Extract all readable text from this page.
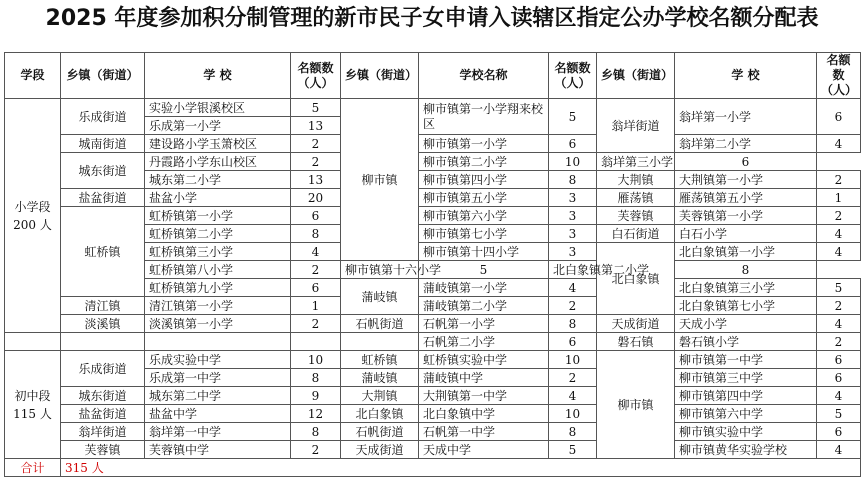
2025 年度参加积分制管理的新市民子女申请入读辖区指定公办学校名额分配表
学段	乡镇（街道）	学 校	名额数（人）	乡镇（街道）	学校名称	名额数（人）	乡镇（街道）	学 校	名额数（人）
小学段
200 人	乐成街道	实验小学银溪校区	5	柳市镇	柳市镇第一小学翔来校区	5	翁垟街道	翁垟第一小学	6
		乐成第一小学	13						
	城南街道	建设路小学玉箫校区	2		柳市镇第一小学	6		翁垟第二小学	4
	城东街道	丹霞路小学东山校区	2		柳市镇第二小学	10	翁垟第三小学	6	
		城东第二小学	13		柳市镇第四小学	8	大荆镇	大荆镇第一小学	2
	盐盆街道	盐盆小学	20		柳市镇第五小学	3	雁荡镇	雁荡镇第五小学	1
	虹桥镇	虹桥镇第一小学	6		柳市镇第六小学	3	芙蓉镇	芙蓉镇第一小学	2
		虹桥镇第二小学	8		柳市镇第七小学	3	白石街道	白石小学	4
		虹桥镇第三小学	4		柳市镇第十四小学	3	北白象镇	北白象镇第一小学	4
		虹桥镇第八小学	2	柳市镇第十六小学	5	北白象镇第二小学		8	
		虹桥镇第九小学	6	蒲岐镇	蒲岐镇第一小学	4		北白象镇第三小学	5
	清江镇	清江镇第一小学	1		蒲岐镇第二小学	2		北白象镇第七小学	2
	淡溪镇	淡溪镇第一小学	2	石帆街道	石帆第一小学	8	天成街道	天成小学	4
					石帆第二小学	6	磐石镇	磐石镇小学	2
初中段
115 人	乐成街道	乐成实验中学	10	虹桥镇	虹桥镇实验中学	10	柳市镇	柳市镇第一中学	6
		乐成第一中学	8	蒲岐镇	蒲岐镇中学	2		柳市镇第三中学	6
	城东街道	城东第二中学	9	大荆镇	大荆镇第一中学	4		柳市镇第四中学	4
	盐盆街道	盐盆中学	12	北白象镇	北白象镇中学	10		柳市镇第六中学	5
	翁垟街道	翁垟第一中学	8	石帆街道	石帆第一中学	8		柳市镇实验中学	6
	芙蓉镇	芙蓉镇中学	2	天成街道	天成中学	5		柳市镇黄华实验学校	4
合计	315 人								
